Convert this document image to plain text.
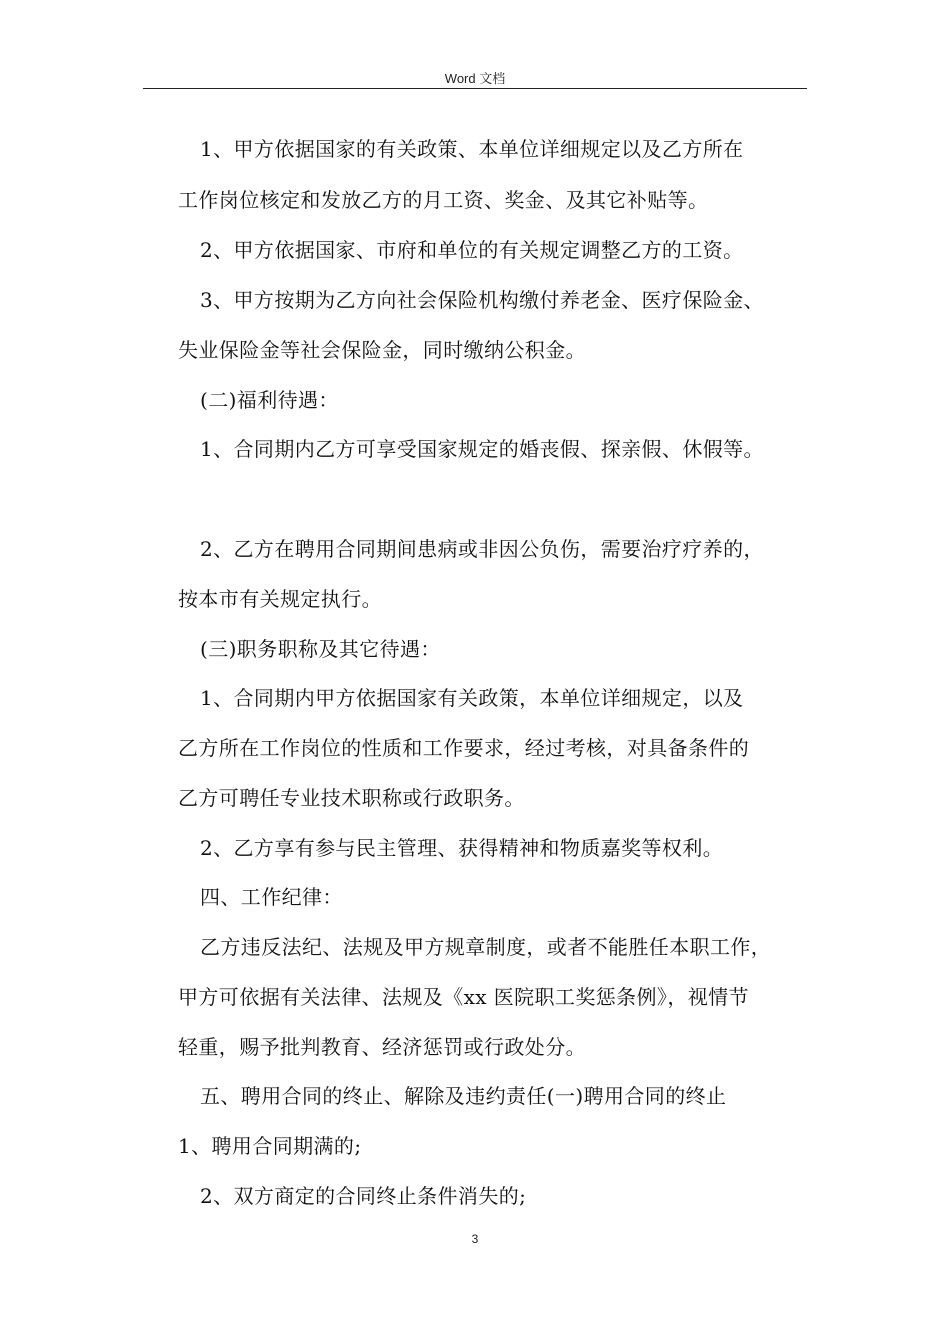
Word 文档
1、甲方依据国家的有关政策、本单位详细规定以及乙方所在
工作岗位核定和发放乙方的月工资、奖金、及其它补贴等。
2、甲方依据国家、市府和单位的有关规定调整乙方的工资。
3、甲方按期为乙方向社会保险机构缴付养老金、医疗保险金、
失业保险金等社会保险金，同时缴纳公积金。
(二)福利待遇：
1、合同期内乙方可享受国家规定的婚丧假、探亲假、休假等。
2、乙方在聘用合同期间患病或非因公负伤，需要治疗疗养的，
按本市有关规定执行。
(三)职务职称及其它待遇：
1、合同期内甲方依据国家有关政策，本单位详细规定，以及
乙方所在工作岗位的性质和工作要求，经过考核，对具备条件的
乙方可聘任专业技术职称或行政职务。
2、乙方享有参与民主管理、获得精神和物质嘉奖等权利。
四、工作纪律：
乙方违反法纪、法规及甲方规章制度，或者不能胜任本职工作，
甲方可依据有关法律、法规及《xx 医院职工奖惩条例》，视情节
轻重，赐予批判教育、经济惩罚或行政处分。
五、聘用合同的终止、解除及违约责任(一)聘用合同的终止
1、聘用合同期满的;
2、双方商定的合同终止条件消失的;
3
